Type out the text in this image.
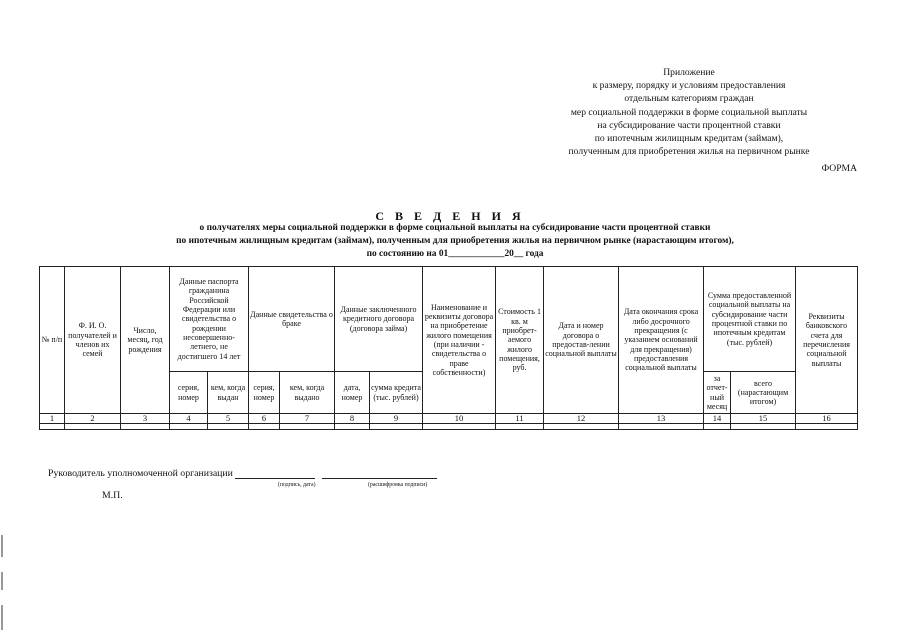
Приложение
к размеру, порядку и условиям предоставления
отдельным категориям граждан
мер социальной поддержки в форме социальной выплаты
на субсидирование части процентной ставки
по ипотечным жилищным кредитам (займам),
полученным для приобретения жилья на первичном рынке
ФОРМА
С В Е Д Е Н И Я
о получателях меры социальной поддержки в форме социальной выплаты на субсидирование части процентной ставки
по ипотечным жилищным кредитам (займам), полученным для приобретения жилья на первичном рынке (нарастающим итогом),
по состоянию на 01____________20__ года
№ п/п	Ф. И. О. получателей и членов их семей	Число, месяц, год рождения	Данные паспорта гражданина Российской Федерации или свидетельства о рождении несовершенно-летнего, не достигшего 14 лет		Данные свидетельства о браке		Данные заключенного кредитного договора (договора займа)		Наименование и реквизиты договора на приобретение жилого помещения (при наличии - свидетельства о праве собственности)	Стоимость 1 кв. м приобрет-аемого жилого помещения, руб.	Дата и номер договора о предостав-лении социальной выплаты	Дата окончания срока либо досрочного прекращения (с указанием оснований для прекращения) предоставления социальной выплаты	Сумма предоставленной социальной выплаты на субсидирование части процентной ставки по ипотечным кредитам (тыс. рублей)		Реквизиты банковского счета для перечисления социальной выплаты
			серия, номер	кем, когда выдан	серия, номер	кем, когда выдано	дата, номер	сумма кредита (тыс. рублей)					за отчет-ный месяц	всего (нарастающим итогом)	
1	2	3	4	5	6	7	8	9	10	11	12	13	14	15	16

Руководитель уполномоченной организации
(подпись, дата)	(расшифровка подписи)
М.П.
